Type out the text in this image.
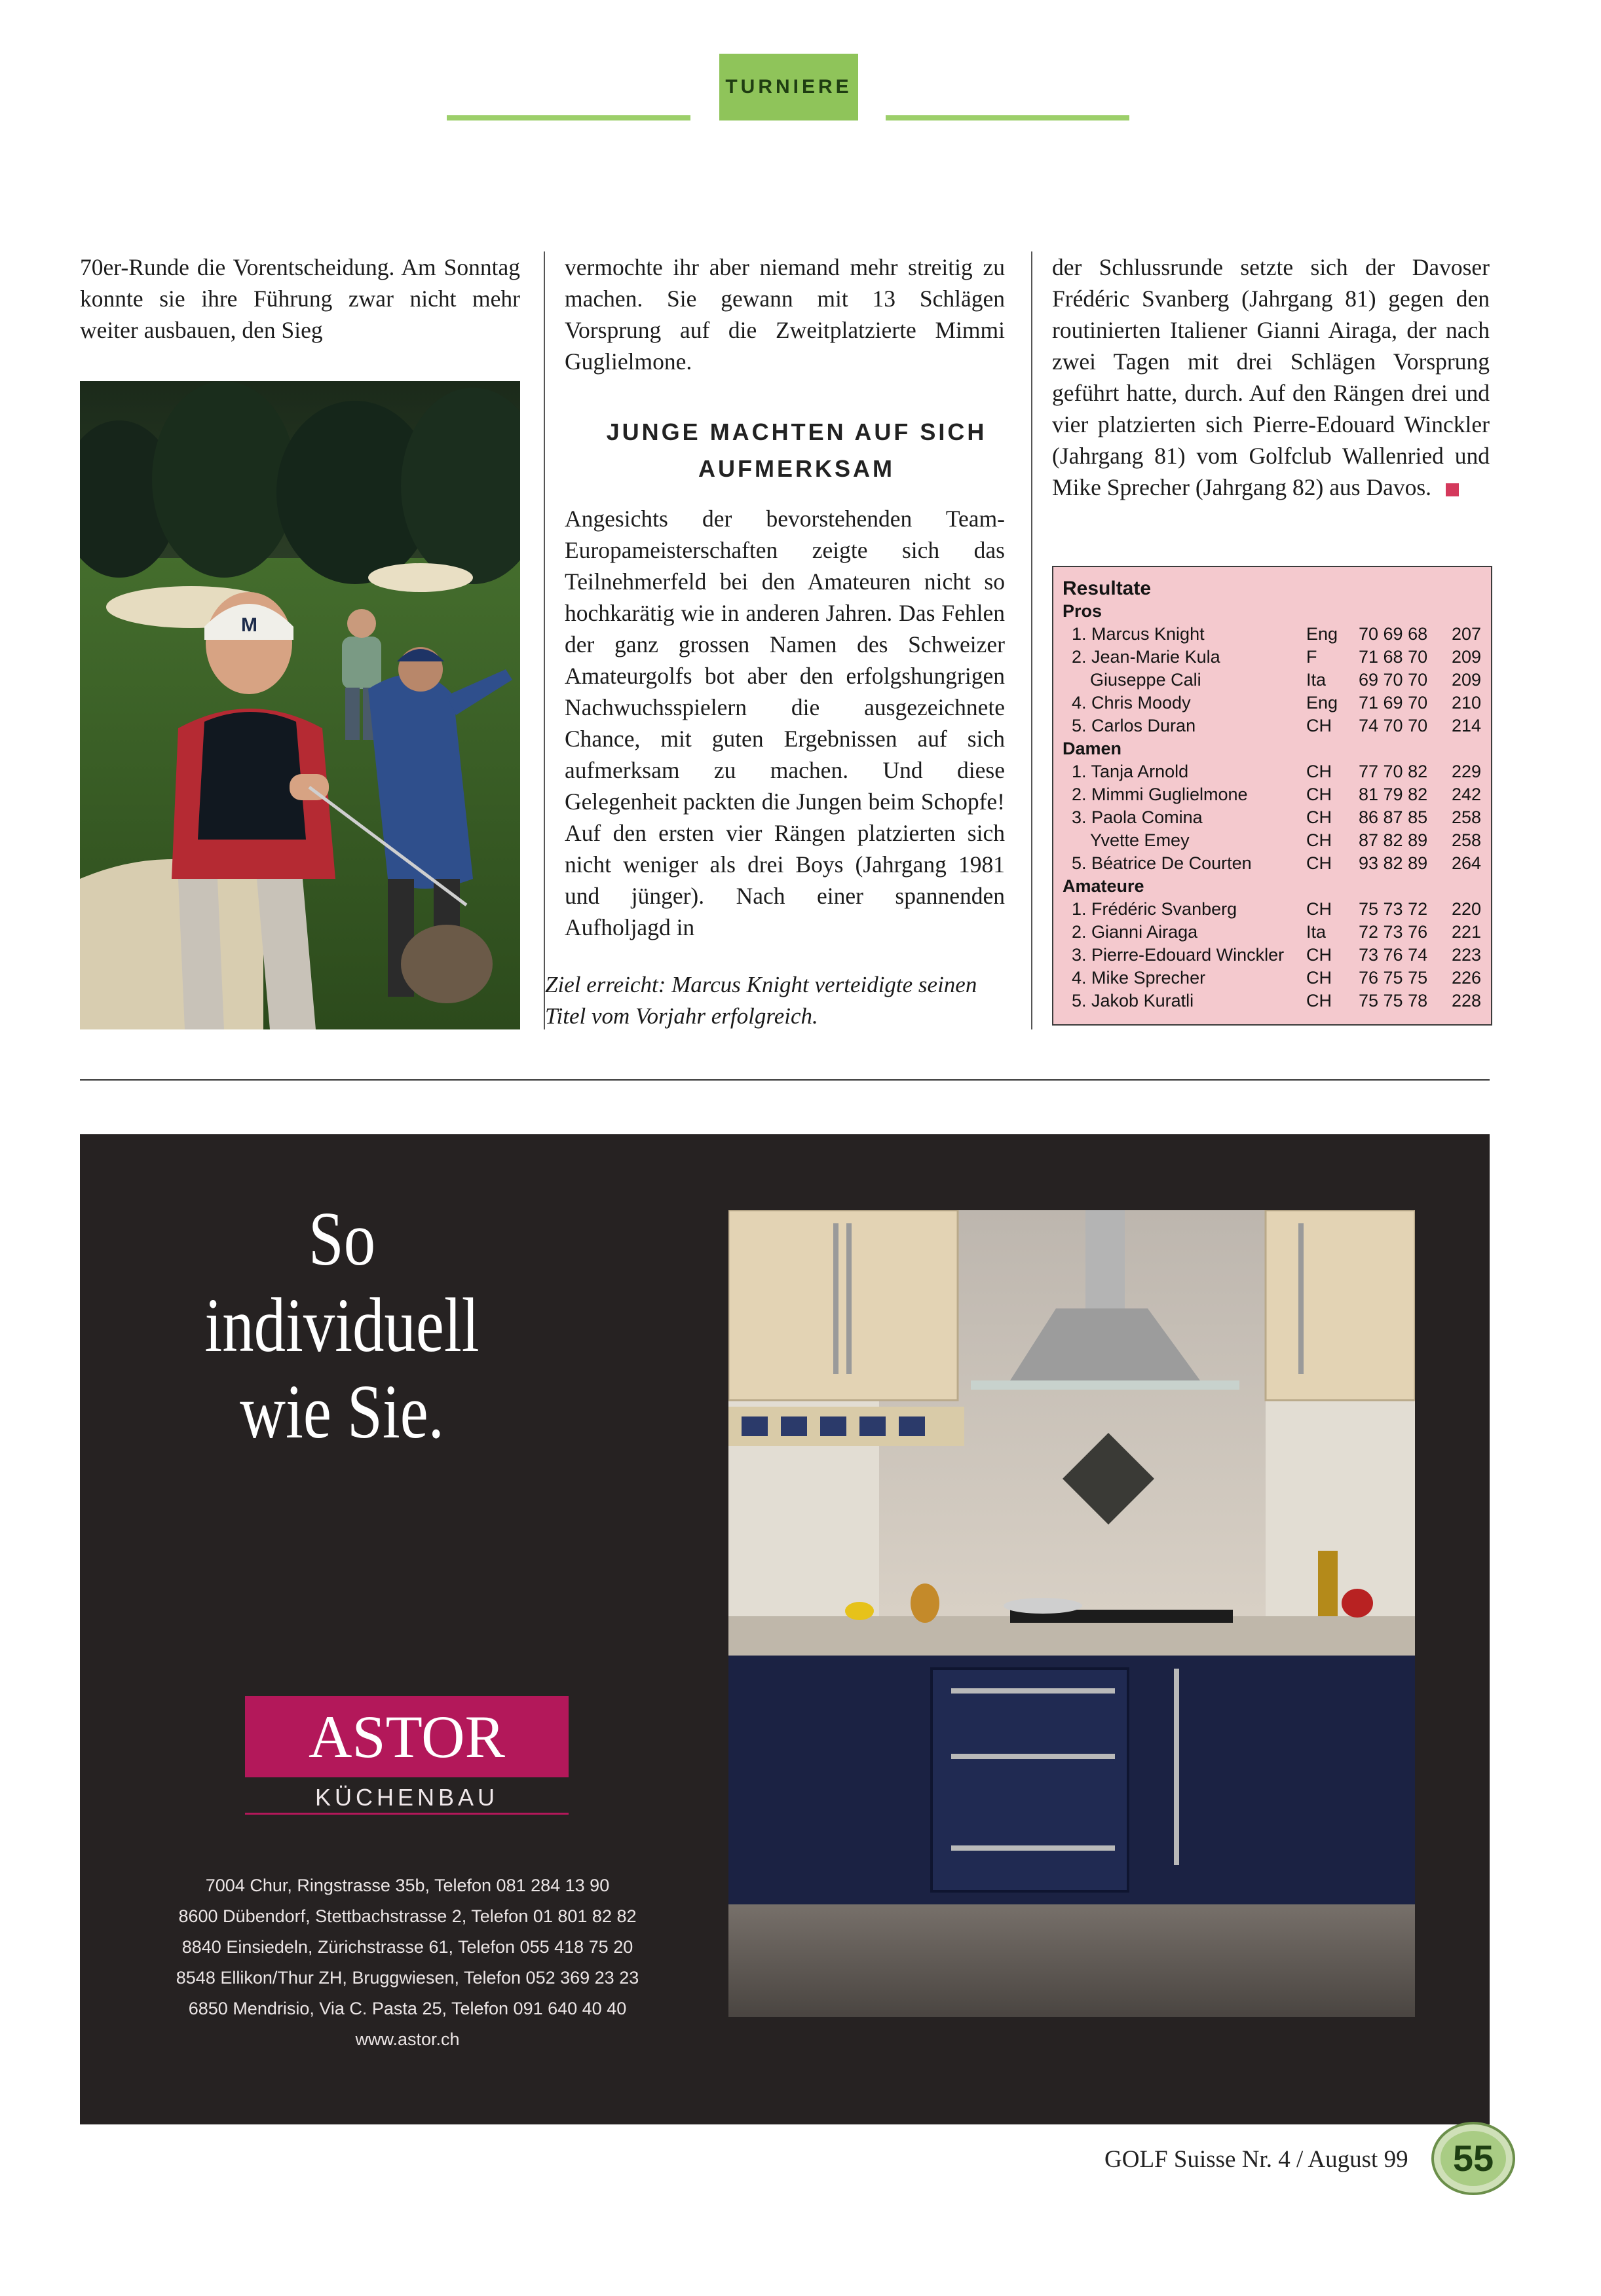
TURNIERE

70er-Runde die Vorentscheidung. Am Sonntag konnte sie ihre Führung zwar nicht mehr weiter ausbauen, den Sieg

M

vermochte ihr aber niemand mehr streitig zu machen. Sie gewann mit 13 Schlägen Vorsprung auf die Zweitplatzierte Mimmi Guglielmone.

JUNGE MACHTEN AUF SICH AUFMERKSAM

Angesichts der bevorstehenden Team-Europameisterschaften zeigte sich das Teilnehmerfeld bei den Amateuren nicht so hochkarätig wie in anderen Jahren. Das Fehlen der ganz grossen Namen des Schweizer Amateurgolfs bot aber den erfolgshungrigen Nachwuchsspielern die ausgezeichnete Chance, mit guten Ergebnissen auf sich aufmerksam zu machen. Und diese Gelegenheit packten die Jungen beim Schopfe! Auf den ersten vier Rängen platzierten sich nicht weniger als drei Boys (Jahrgang 1981 und jünger). Nach einer spannenden Aufholjagd in

Ziel erreicht: Marcus Knight verteidigte seinen Titel vom Vorjahr erfolgreich.

der Schlussrunde setzte sich der Davoser Frédéric Svanberg (Jahrgang 81) gegen den routinierten Italiener Gianni Airaga, der nach zwei Tagen mit drei Schlägen Vorsprung geführt hatte, durch. Auf den Rängen drei und vier platzierten sich Pierre-Edouard Winckler (Jahrgang 81) vom Golfclub Wallenried und Mike Sprecher (Jahrgang 82) aus Davos.

Resultate
Pros
1. Marcus Knight	Eng 70 69 68 207
2. Jean-Marie Kula	F 71 68 70 209
Giuseppe Cali	Ita 69 70 70 209
4. Chris Moody	Eng 71 69 70 210
5. Carlos Duran	CH 74 70 70 214
Damen
1. Tanja Arnold	CH 77 70 82 229
2. Mimmi Guglielmone	CH 81 79 82 242
3. Paola Comina	CH 86 87 85 258
Yvette Emey	CH 87 82 89 258
5. Béatrice De Courten	CH 93 82 89 264
Amateure
1. Frédéric Svanberg	CH 75 73 72 220
2. Gianni Airaga	Ita 72 73 76 221
3. Pierre-Edouard Winckler CH 73 76 74 223
4. Mike Sprecher	CH 76 75 75 226
5. Jakob Kuratli	CH 75 75 78 228
So individuell
wie Sie.
ASTOR
KÜCHENBAU
7004 Chur, Ringstrasse 35b, Telefon 081 284 13 90
8600 Dübendorf, Stettbachstrasse 2, Telefon 01 801 82 82
8840 Einsiedeln, Zürichstrasse 61, Telefon 055 418 75 20
8548 Ellikon/Thur ZH, Bruggwiesen, Telefon 052 369 23 23
6850 Mendrisio, Via C. Pasta 25, Telefon 091 640 40 40
www.astor.ch
GOLF Suisse Nr. 4 / August 99	55
